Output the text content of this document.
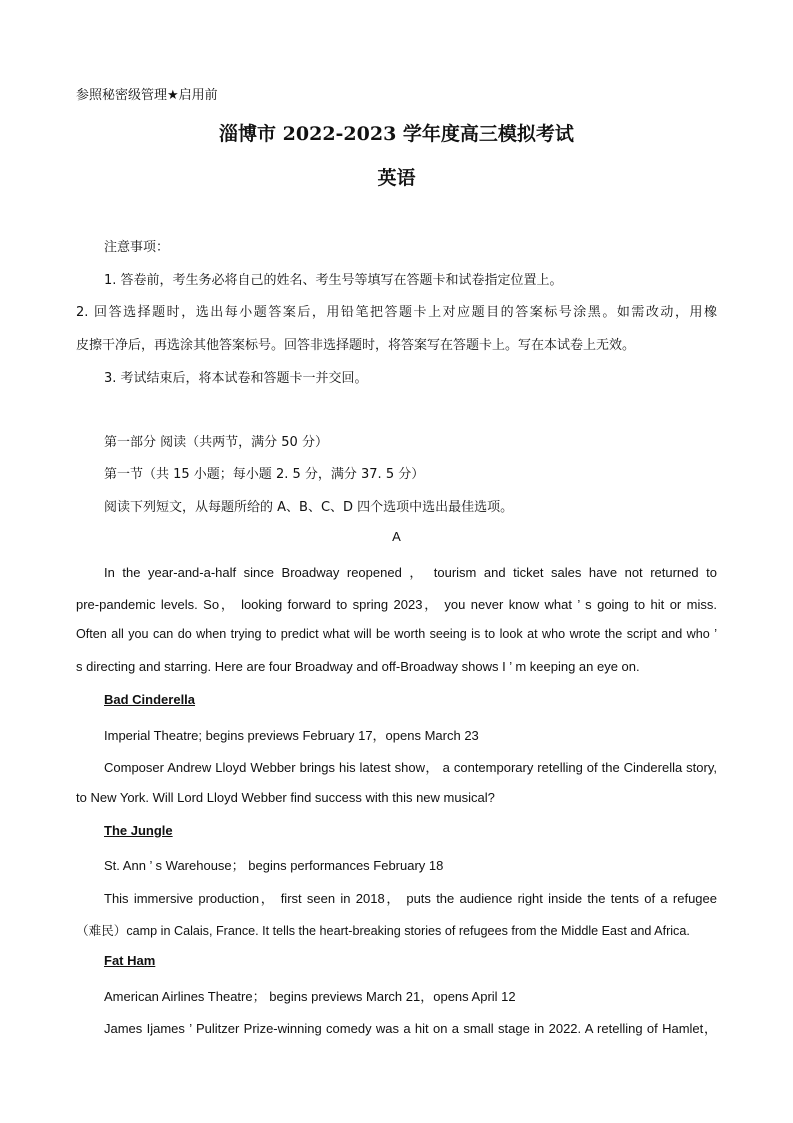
参照秘密级管理★启用前
淄博市 2022-2023 学年度高三模拟考试
英语
注意事项：
1. 答卷前，考生务必将自己的姓名、考生号等填写在答题卡和试卷指定位置上。
2. 回答选择题时，选出每小题答案后，用铅笔把答题卡上对应题目的答案标号涂黑。如需改动，用橡
皮擦干净后，再选涂其他答案标号。回答非选择题时，将答案写在答题卡上。写在本试卷上无效。
3. 考试结束后，将本试卷和答题卡一并交回。
第一部分 阅读（共两节，满分 50 分）
第一节（共 15 小题；每小题 2. 5 分，满分 37. 5 分）
阅读下列短文，从每题所给的 A、B、C、D 四个选项中选出最佳选项。
A
In the year-and-a-half since Broadway reopened ， tourism and ticket sales have not returned to
pre-pandemic levels. So， looking forward to spring 2023， you never know what ’ s going to hit or miss.
Often all you can do when trying to predict what will be worth seeing is to look at who wrote the script and who ’
s directing and starring. Here are four Broadway and off-Broadway shows I ’ m keeping an eye on.
Bad Cinderella
Imperial Theatre; begins previews February 17，opens March 23
Composer Andrew Lloyd Webber brings his latest show， a contemporary retelling of the Cinderella story,
to New York. Will Lord Lloyd Webber find success with this new musical?
The Jungle
St. Ann ’ s Warehouse； begins performances February 18
This immersive production， first seen in 2018， puts the audience right inside the tents of a refugee
（难民）camp in Calais, France. It tells the heart-breaking stories of refugees from the Middle East and Africa.
Fat Ham
American Airlines Theatre； begins previews March 21，opens April 12
James Ijames ’ Pulitzer Prize-winning comedy was a hit on a small stage in 2022. A retelling of Hamlet，
